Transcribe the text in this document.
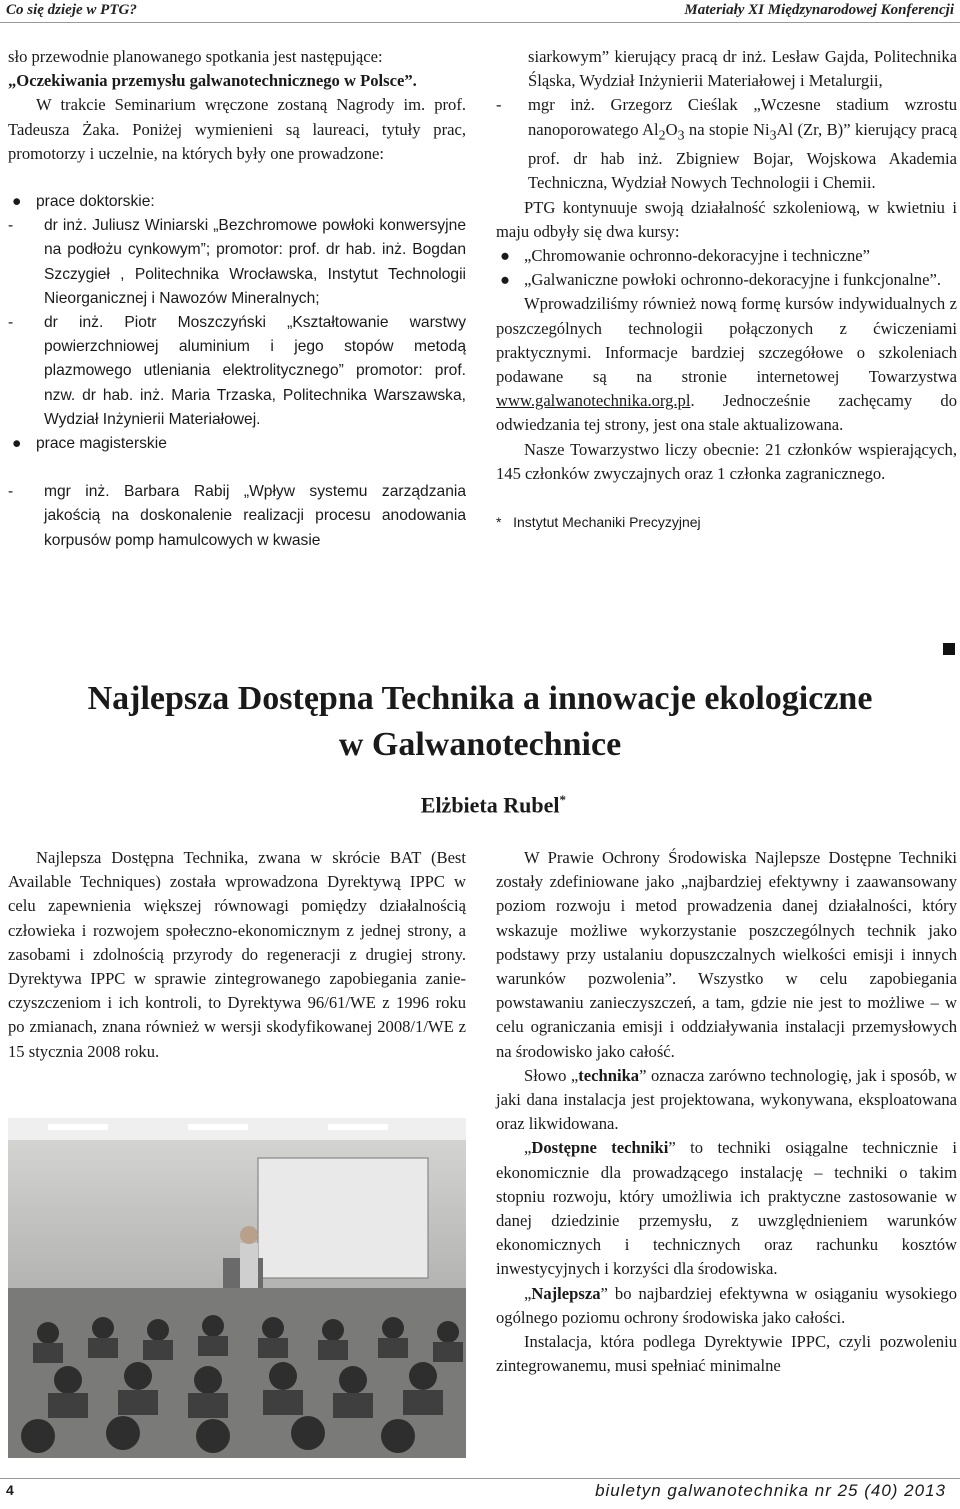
Co się dzieje w PTG?	Materiały XI Międzynarodowej Konferencji

sło przewodnie planowanego spotkania jest następujące:

„Oczekiwania przemysłu galwanotechnicznego w Polsce”.

W trakcie Seminarium wręczone zostaną Nagrody im. prof. Tadeusza Żaka. Poniżej wymienieni są laureaci, tytuły prac, promotorzy i uczelnie, na których były one prowadzone:

● prace doktorskie:

- dr inż. Juliusz Winiarski „Bezchromowe powłoki konwersyjne na podłożu cynkowym”; promotor: prof. dr hab. inż. Bogdan Szczygieł , Politechnika Wrocławska, Instytut Technologii Nieorganicznej i Nawozów Mineralnych;

- dr inż. Piotr Moszczyński „Kształtowanie warstwy powierzchniowej aluminium i jego stopów metodą plazmowego utleniania elektrolitycznego” promotor: prof. nzw. dr hab. inż. Maria Trzaska, Politechnika Warszawska, Wydział Inżynierii Materiałowej.

● prace magisterskie

- mgr inż. Barbara Rabij „Wpływ systemu zarządzania jakością na doskonalenie realizacji procesu anodowania korpusów pomp hamulcowych w kwasie

siarkowym” kierujący pracą dr inż. Lesław Gajda, Politechnika Śląska, Wydział Inżynierii Materiałowej i Metalurgii,

- mgr inż. Grzegorz Cieślak „Wczesne stadium wzrostu nanoporowatego $Al_2O_3$ na stopie $Ni_3Al$ (Zr, B)” kierujący pracą prof. dr hab inż. Zbigniew Bojar, Wojskowa Akademia Techniczna, Wydział Nowych Technologii i Chemii.

PTG kontynuuje swoją działalność szkoleniową, w kwietniu i maju odbyły się dwa kursy:

● „Chromowanie ochronno-dekoracyjne i techniczne”

● „Galwaniczne powłoki ochronno-dekoracyjne i funkcjonalne”.

Wprowadziliśmy również nową formę kursów indywidualnych z poszczególnych technologii połączonych z ćwiczeniami praktycznymi. Informacje bardziej szczegółowe o szkoleniach podawane są na stronie internetowej Towarzystwa www.galwanotechnika.org.pl. Jednocześnie zachęcamy do odwiedzania tej strony, jest ona stale aktualizowana.

Nasze Towarzystwo liczy obecnie: 21 członków wspierających, 145 członków zwyczajnych oraz 1 członka zagranicznego.

* Instytut Mechaniki Precyzyjnej

Najlepsza Dostępna Technika a innowacje ekologiczne
w Galwanotechnice
Elżbieta Rubel*

Najlepsza Dostępna Technika, zwana w skrócie BAT (Best Available Techniques) została wprowadzona Dyrektywą IPPC w celu zapewnienia większej równowagi pomiędzy działalnością człowieka i rozwojem społeczno-ekonomicznym z jednej strony, a zasobami i zdolnością przyrody do regeneracji z drugiej strony. Dyrektywa IPPC w sprawie zintegrowanego zapobiegania zanieczyszczeniom i ich kontroli, to Dyrektywa 96/61/WE z 1996 roku po zmianach, znana również w wersji skodyfikowanej 2008/1/WE z 15 stycznia 2008 roku.

W Prawie Ochrony Środowiska Najlepsze Dostępne Techniki zostały zdefiniowane jako „najbardziej efektywny i zaawansowany poziom rozwoju i metod prowadzenia danej działalności, który wskazuje możliwe wykorzystanie poszczególnych technik jako podstawy przy ustalaniu dopuszczalnych wielkości emisji i innych warunków pozwolenia”. Wszystko w celu zapobiegania powstawaniu zanieczyszczeń, a tam, gdzie nie jest to możliwe – w celu ograniczania emisji i oddziaływania instalacji przemysłowych na środowisko jako całość.

Słowo „technika” oznacza zarówno technologię, jak i sposób, w jaki dana instalacja jest projektowana, wykonywana, eksploatowana oraz likwidowana.

„Dostępne techniki” to techniki osiągalne technicznie i ekonomicznie dla prowadzącego instalację – techniki o takim stopniu rozwoju, który umożliwia ich praktyczne zastosowanie w danej dziedzinie przemysłu, z uwzględnieniem warunków ekonomicznych i technicznych oraz rachunku kosztów inwestycyjnych i korzyści dla środowiska.

„Najlepsza” bo najbardziej efektywna w osiąganiu wysokiego ogólnego poziomu ochrony środowiska jako całości.

Instalacja, która podlega Dyrektywie IPPC, czyli pozwoleniu zintegrowanemu, musi spełniać minimalne

4	biuletyn galwanotechnika nr 25 (40) 2013
